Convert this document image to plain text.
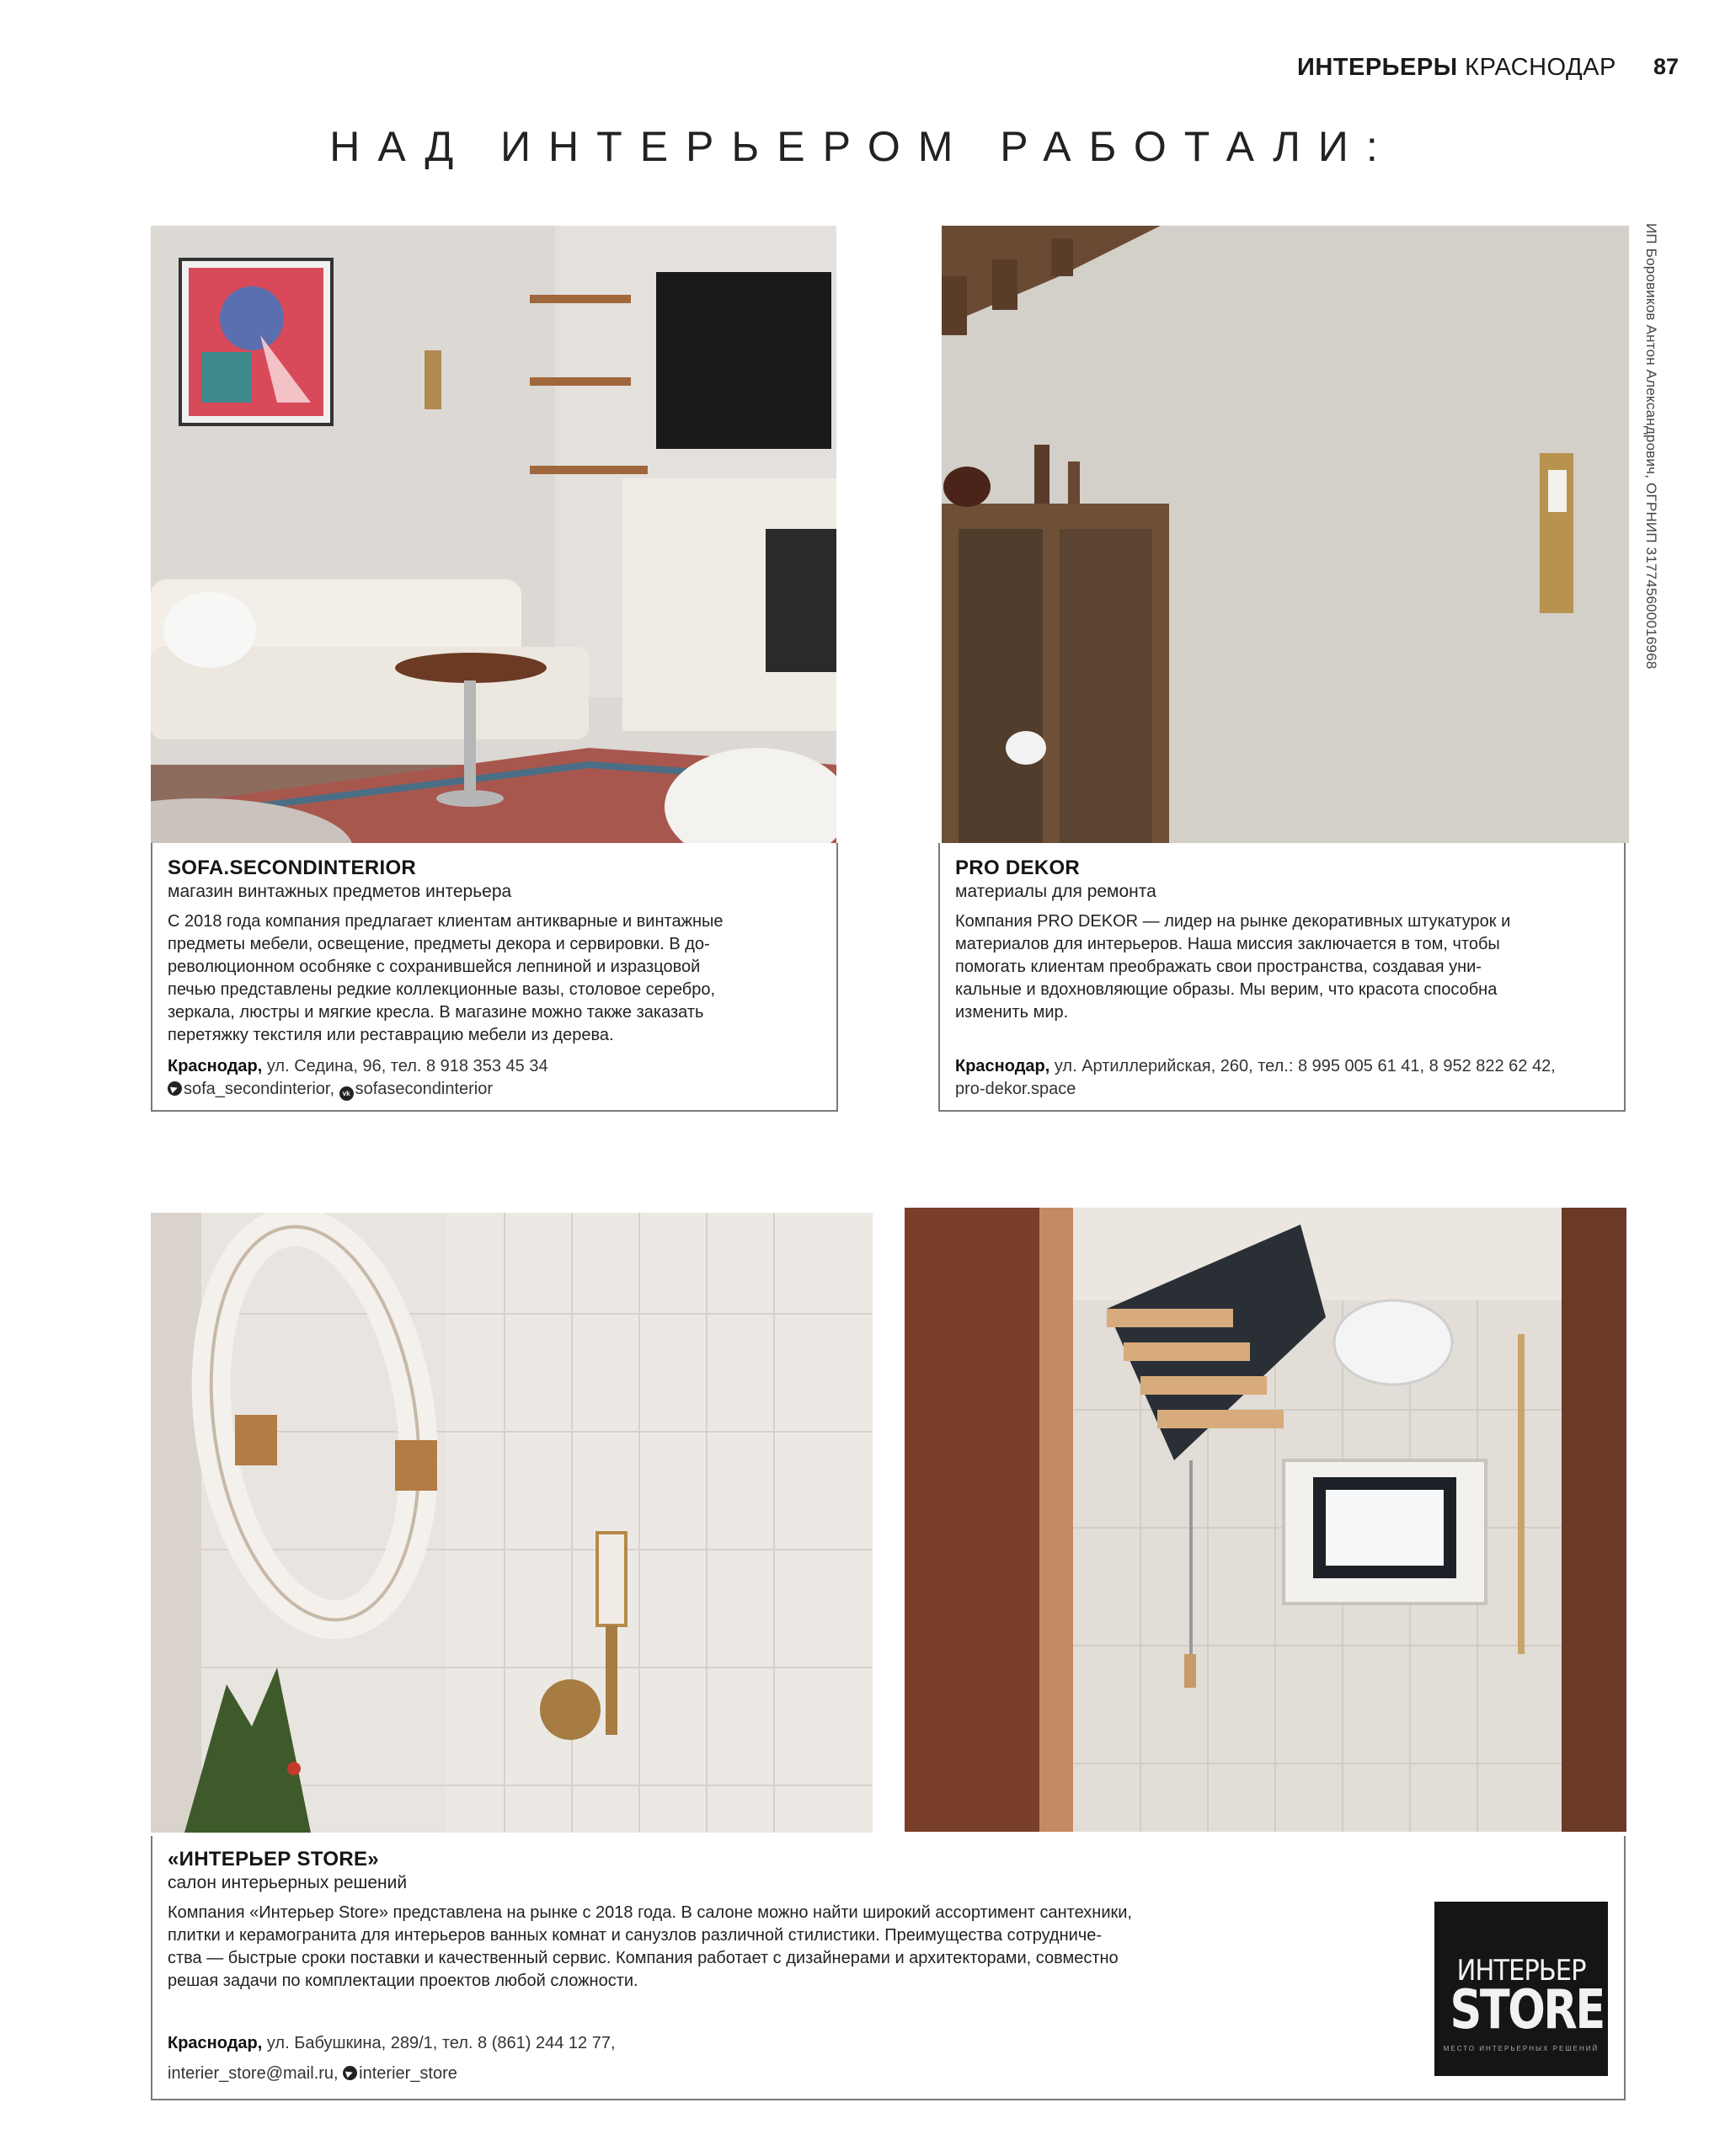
ИНТЕРЬЕРЫ КРАСНОДАР 87
НАД ИНТЕРЬЕРОМ РАБОТАЛИ:
ИП Боровиков Антон Александрович, ОГРНИП 317745600016968
SOFA.SECONDINTERIOR
магазин винтажных предметов интерьера
С 2018 года компания предлагает клиентам антикварные и винтажные
предметы мебели, освещение, предметы декора и сервировки. В до-
революционном особняке с сохранившейся лепниной и изразцовой
печью представлены редкие коллекционные вазы, столовое серебро,
зеркала, люстры и мягкие кресла. В магазине можно также заказать
перетяжку текстиля или реставрацию мебели из дерева.
Краснодар, ул. Седина, 96, тел. 8 918 353 45 34
sofa_secondinterior, vk sofasecondinterior
PRO DEKOR
материалы для ремонта
Компания PRO DEKOR — лидер на рынке декоративных штукатурок и
материалов для интерьеров. Наша миссия заключается в том, чтобы
помогать клиентам преображать свои пространства, создавая уни-
кальные и вдохновляющие образы. Мы верим, что красота способна
изменить мир.
Краснодар, ул. Артиллерийская, 260, тел.: 8 995 005 61 41, 8 952 822 62 42,
pro-dekor.space
«ИНТЕРЬЕР STORE»
салон интерьерных решений
Компания «Интерьер Store» представлена на рынке с 2018 года. В салоне можно найти широкий ассортимент сантехники,
плитки и керамогранита для интерьеров ванных комнат и санузлов различной стилистики. Преимущества сотрудниче-
ства — быстрые сроки поставки и качественный сервис. Компания работает с дизайнерами и архитекторами, совместно
решая задачи по комплектации проектов любой сложности.
Краснодар, ул. Бабушкина, 289/1, тел. 8 (861) 244 12 77,
interier_store@mail.ru, interier_store
ИНТЕРЬЕР
STORE
МЕСТО ИНТЕРЬЕРНЫХ РЕШЕНИЙ
